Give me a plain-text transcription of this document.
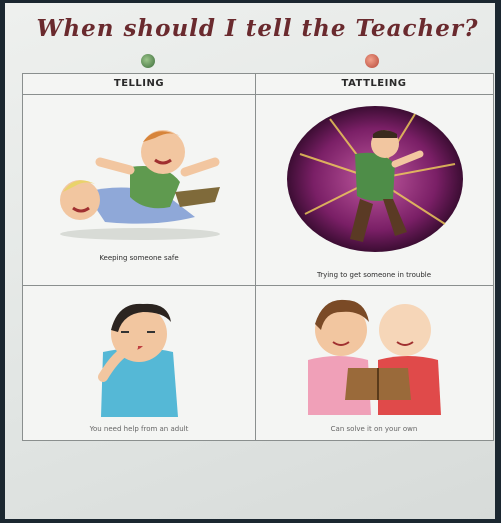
When should I tell the Teacher?
TELLING	TATTLEING
Keeping someone safe
Trying to get someone in trouble
You need help from an adult	Can solve it on your own
